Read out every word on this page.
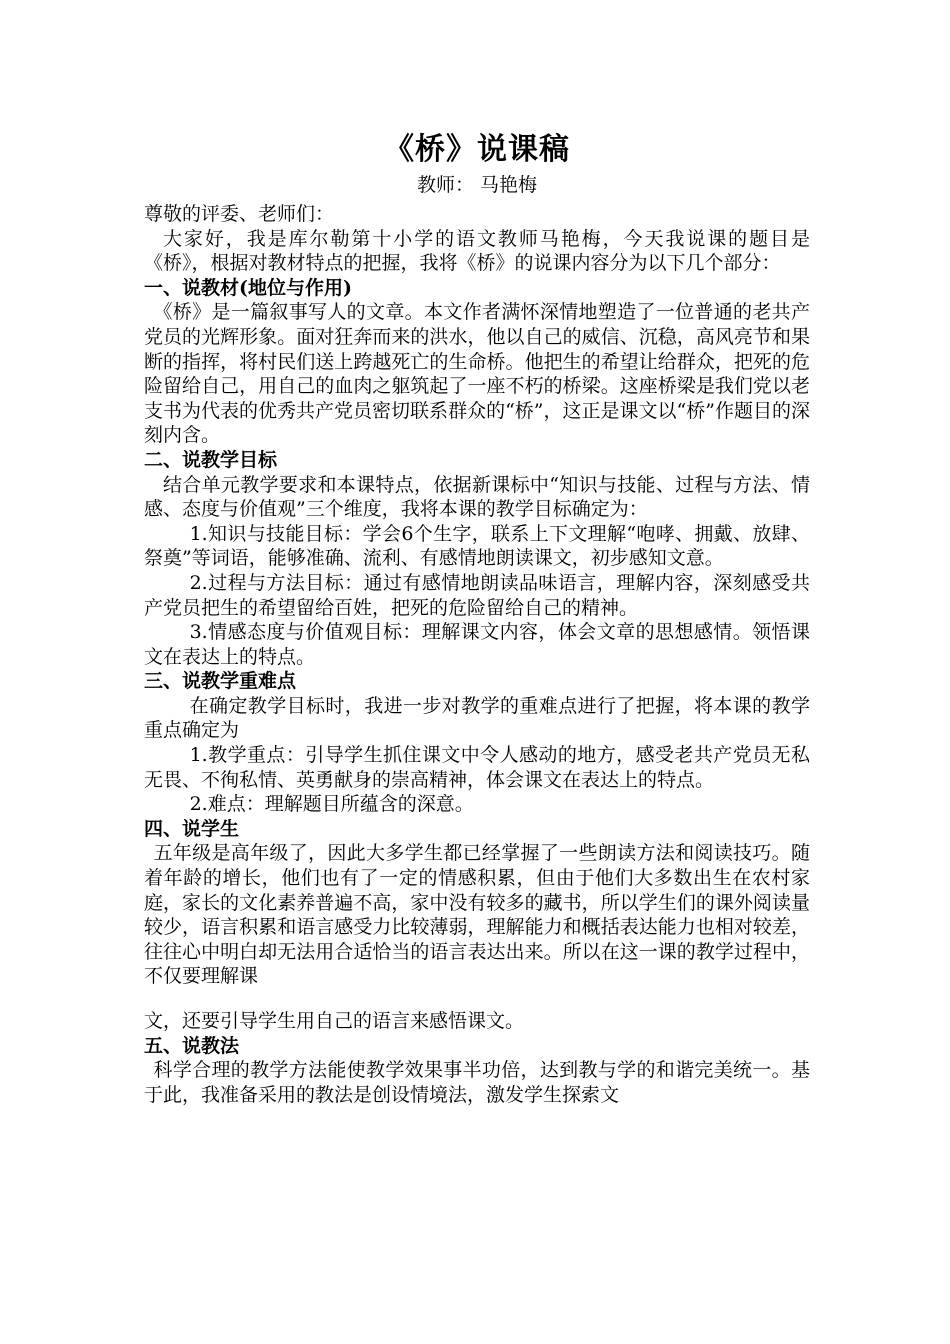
《桥》说课稿

教师： 马艳梅

尊敬的评委、老师们：

大家好，我是库尔勒第十小学的语文教师马艳梅，今天我说课的题目是《桥》，根据对教材特点的把握，我将《桥》的说课内容分为以下几个部分：

一、说教材(地位与作用)

《桥》是一篇叙事写人的文章。本文作者满怀深情地塑造了一位普通的老共产党员的光辉形象。面对狂奔而来的洪水，他以自己的威信、沉稳，高风亮节和果断的指挥，将村民们送上跨越死亡的生命桥。他把生的希望让给群众，把死的危险留给自己，用自己的血肉之躯筑起了一座不朽的桥梁。这座桥梁是我们党以老支书为代表的优秀共产党员密切联系群众的“桥”，这正是课文以“桥”作题目的深刻内含。

二、说教学目标

结合单元教学要求和本课特点，依据新课标中“知识与技能、过程与方法、情感、态度与价值观”三个维度，我将本课的教学目标确定为：

1.知识与技能目标：学会6个生字，联系上下文理解“咆哮、拥戴、放肆、祭奠”等词语，能够准确、流利、有感情地朗读课文，初步感知文意。

2.过程与方法目标：通过有感情地朗读品味语言，理解内容，深刻感受共产党员把生的希望留给百姓，把死的危险留给自己的精神。

3.情感态度与价值观目标：理解课文内容，体会文章的思想感情。领悟课文在表达上的特点。

三、说教学重难点

在确定教学目标时，我进一步对教学的重难点进行了把握，将本课的教学重点确定为

1.教学重点：引导学生抓住课文中令人感动的地方，感受老共产党员无私无畏、不徇私情、英勇献身的崇高精神，体会课文在表达上的特点。

2.难点：理解题目所蕴含的深意。

四、说学生

五年级是高年级了，因此大多学生都已经掌握了一些朗读方法和阅读技巧。随着年龄的增长，他们也有了一定的情感积累，但由于他们大多数出生在农村家庭，家长的文化素养普遍不高，家中没有较多的藏书，所以学生们的课外阅读量较少，语言积累和语言感受力比较薄弱，理解能力和概括表达能力也相对较差，往往心中明白却无法用合适恰当的语言表达出来。所以在这一课的教学过程中，不仅要理解课

文，还要引导学生用自己的语言来感悟课文。

五、说教法

科学合理的教学方法能使教学效果事半功倍，达到教与学的和谐完美统一。基于此，我准备采用的教法是创设情境法，激发学生探索文
